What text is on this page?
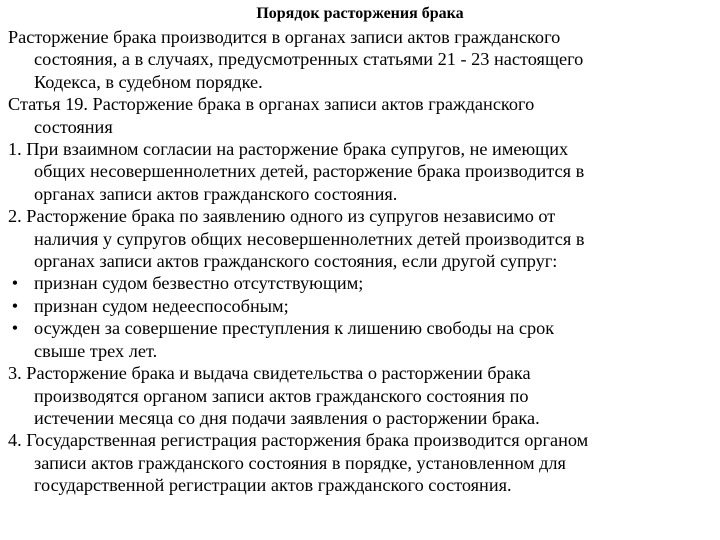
Порядок расторжения брака

Расторжение брака производится в органах записи актов гражданского
состояния, а в случаях, предусмотренных статьями 21 - 23 настоящего
Кодекса, в судебном порядке.

Статья 19. Расторжение брака в органах записи актов гражданского
состояния

1. При взаимном согласии на расторжение брака супругов, не имеющих
общих несовершеннолетних детей, расторжение брака производится в
органах записи актов гражданского состояния.

2. Расторжение брака по заявлению одного из супругов независимо от
наличия у супругов общих несовершеннолетних детей производится в
органах записи актов гражданского состояния, если другой супруг:

• признан судом безвестно отсутствующим;

• признан судом недееспособным;

• осужден за совершение преступления к лишению свободы на срок
свыше трех лет.

3. Расторжение брака и выдача свидетельства о расторжении брака
производятся органом записи актов гражданского состояния по
истечении месяца со дня подачи заявления о расторжении брака.

4. Государственная регистрация расторжения брака производится органом
записи актов гражданского состояния в порядке, установленном для
государственной регистрации актов гражданского состояния.
